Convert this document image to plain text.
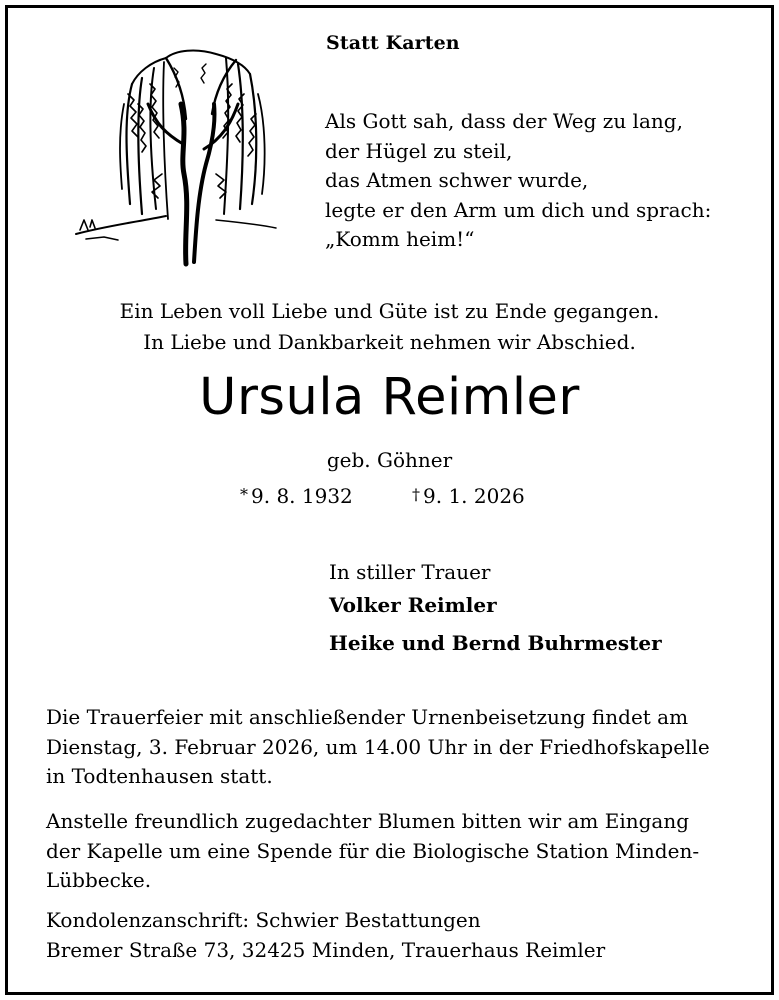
Statt Karten
Als Gott sah, dass der Weg zu lang,
der Hügel zu steil,
das Atmen schwer wurde,
legte er den Arm um dich und sprach:
„Komm heim!“
Ein Leben voll Liebe und Güte ist zu Ende gegangen.
In Liebe und Dankbarkeit nehmen wir Abschied.
Ursula Reimler
geb. Göhner
* 9. 8. 1932	† 9. 1. 2026
In stiller Trauer
Volker Reimler
Heike und Bernd Buhrmester
Die Trauerfeier mit anschließender Urnenbeisetzung findet am
Dienstag, 3. Februar 2026, um 14.00 Uhr in der Friedhofskapelle
in Todtenhausen statt.
Anstelle freundlich zugedachter Blumen bitten wir am Eingang
der Kapelle um eine Spende für die Biologische Station Minden-
Lübbecke.
Kondolenzanschrift: Schwier Bestattungen
Bremer Straße 73, 32425 Minden, Trauerhaus Reimler
